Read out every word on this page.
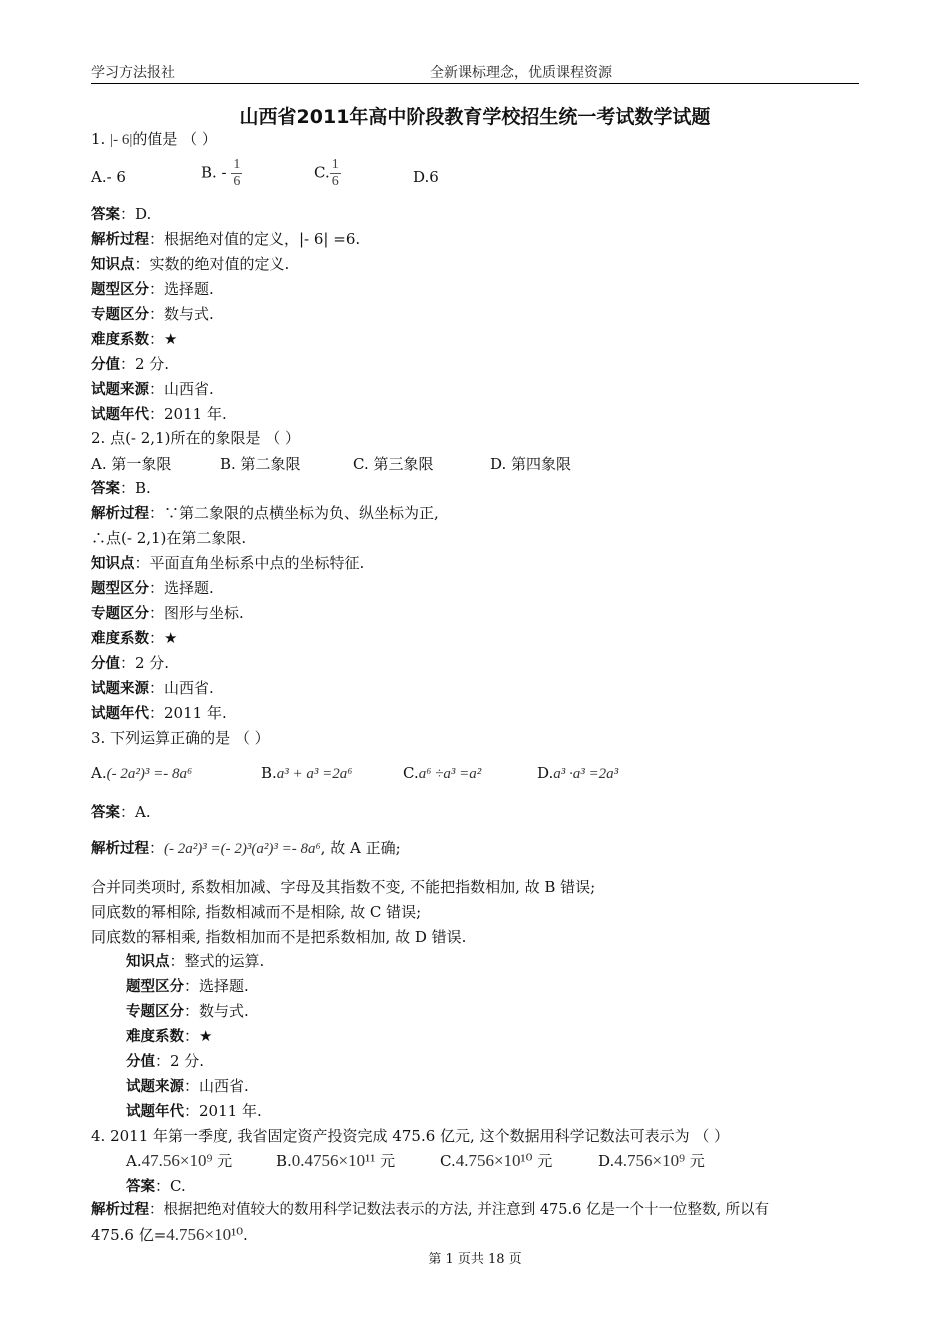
学习方法报社	全新课标理念，优质课程资源
山西省2011年高中阶段教育学校招生统一考试数学试题
1. |- 6|的值是 （ ）
A.- 6	B. - $\frac{1}{6}$	C. $\frac{1}{6}$	D.6
答案：D.
解析过程：根据绝对值的定义，|- 6| =6.
知识点：实数的绝对值的定义.
题型区分：选择题.
专题区分：数与式.
难度系数：★
分值：2 分.
试题来源：山西省.
试题年代：2011 年.
2. 点(- 2,1)所在的象限是 （ ）
A. 第一象限	B. 第二象限	C. 第三象限	D. 第四象限
答案：B.
解析过程：∵第二象限的点横坐标为负、纵坐标为正,
∴点(- 2,1)在第二象限.
知识点：平面直角坐标系中点的坐标特征.
题型区分：选择题.
专题区分：图形与坐标.
难度系数：★
分值：2 分.
试题来源：山西省.
试题年代：2011 年.
3. 下列运算正确的是 （ ）
A.(- 2a²)³ =- 8a⁶	B.a³ + a³ =2a⁶	C.a⁶ ÷a³ =a²	D.a³ ·a³ =2a³
答案：A.
解析过程：(- 2a²)³ =(- 2)³(a²)³ =- 8a⁶, 故 A 正确;
合并同类项时, 系数相加减、字母及其指数不变, 不能把指数相加, 故 B 错误;
同底数的幂相除, 指数相减而不是相除, 故 C 错误;
同底数的幂相乘, 指数相加而不是把系数相加, 故 D 错误.
知识点：整式的运算.
题型区分：选择题.
专题区分：数与式.
难度系数：★
分值：2 分.
试题来源：山西省.
试题年代：2011 年.
4. 2011 年第一季度, 我省固定资产投资完成 475.6 亿元, 这个数据用科学记数法可表示为 （ ）
A.47.56×10⁹ 元	B.0.4756×10¹¹ 元	C.4.756×10¹⁰ 元	D.4.756×10⁹ 元
答案：C.
解析过程：根据把绝对值较大的数用科学记数法表示的方法, 并注意到 475.6 亿是一个十一位整数, 所以有
475.6 亿=4.756×10¹⁰.
第 1 页共 18 页
